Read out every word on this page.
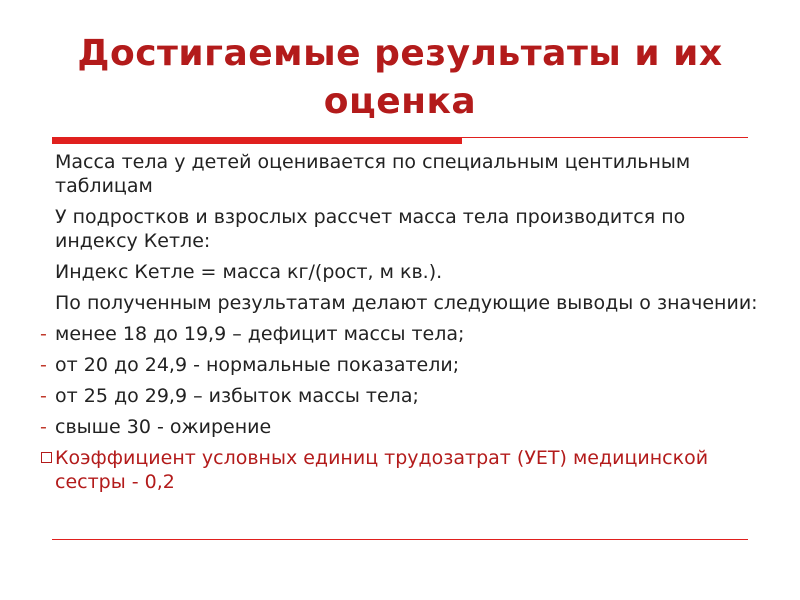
Достигаемые результаты и их оценка
Масса тела у детей оценивается по специальным центильным таблицам
У подростков и взрослых рассчет масса тела производится по индексу Кетле:
Индекс Кетле = масса кг/(рост, м кв.).
По полученным результатам делают следующие выводы о значении:
- менее 18 до 19,9 – дефицит массы тела;
- от 20 до 24,9 - нормальные показатели;
- от 25 до 29,9 – избыток массы тела;
- свыше 30 - ожирение
Коэффициент условных единиц трудозатрат (УЕТ) медицинской сестры - 0,2
